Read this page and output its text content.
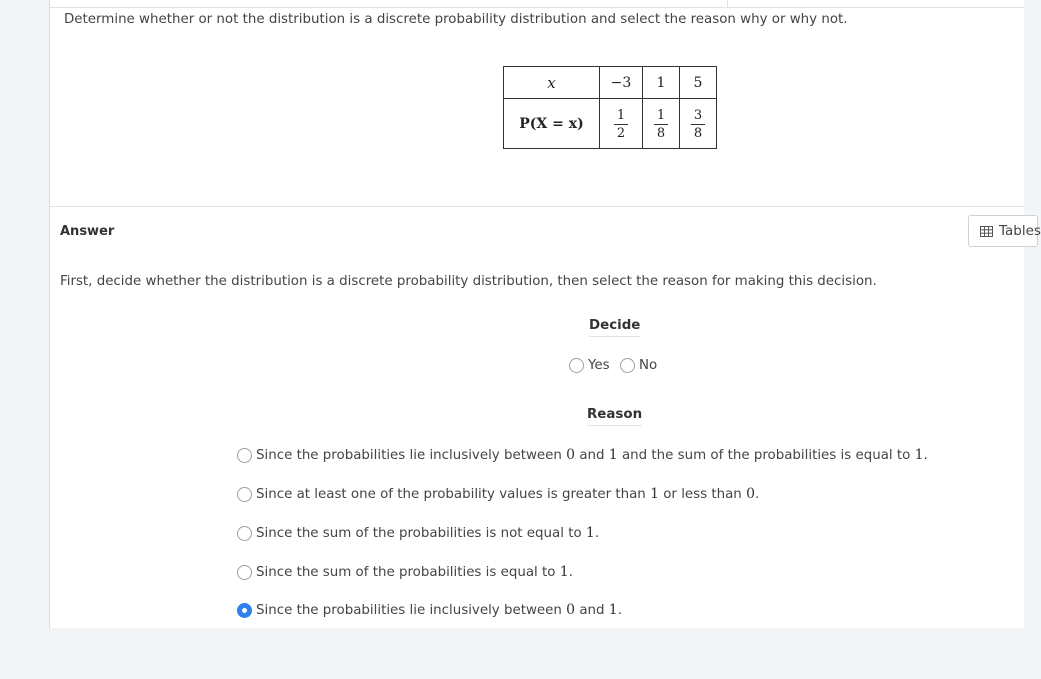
Determine whether or not the distribution is a discrete probability distribution and select the reason why or why not.
x	−3	1	5
P(X = x)	$\frac{1}{2}$	$\frac{1}{8}$	$\frac{3}{8}$
Answer	Tables
First, decide whether the distribution is a discrete probability distribution, then select the reason for making this decision.
Decide
Yes No
Reason
Since the probabilities lie inclusively between 0 and 1 and the sum of the probabilities is equal to 1.
Since at least one of the probability values is greater than 1 or less than 0.
Since the sum of the probabilities is not equal to 1.
Since the sum of the probabilities is equal to 1.
Since the probabilities lie inclusively between 0 and 1.
